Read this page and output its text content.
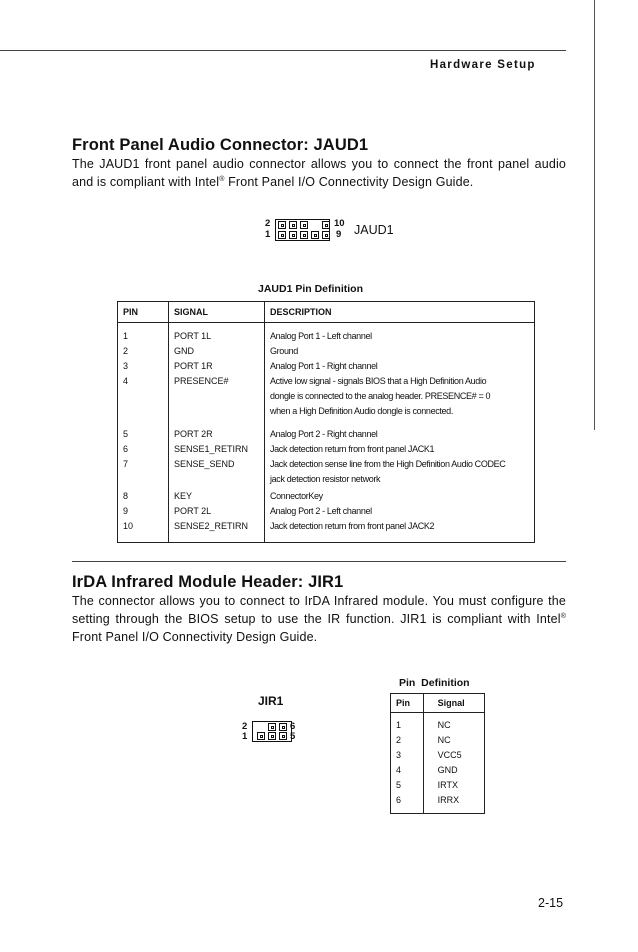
Hardware Setup
Front Panel Audio Connector: JAUD1
The JAUD1 front panel audio connector allows you to connect the front panel audio and is compliant with Intel® Front Panel I/O Connectivity Design Guide.
2
1
10
9 JAUD1
JAUD1 Pin Definition
PIN	SIGNAL	DESCRIPTION
1	PORT 1L	Analog Port 1 - Left channel
2	GND	Ground
3	PORT 1R	Analog Port 1 - Right channel
4	PRESENCE#	Active low signal - signals BIOS that a High Definition Audio
		dongle is connected to the analog header. PRESENCE# = 0
		when a High Definition Audio dongle is connected.

5	PORT 2R	Analog Port 2 - Right channel
6	SENSE1_RETIRN	Jack detection return from front panel JACK1
7	SENSE_SEND	Jack detection sense line from the High Definition Audio CODEC
		jack detection resistor network

8	KEY	ConnectorKey
9	PORT 2L	Analog Port 2 - Left channel
10	SENSE2_RETIRN	Jack detection return from front panel JACK2
IrDA Infrared Module Header: JIR1
The connector allows you to connect to IrDA Infrared module. You must configure the setting through the BIOS setup to use the IR function. JIR1 is compliant with Intel® Front Panel I/O Connectivity Design Guide.
JIR1
2
1
6
5
Pin  Definition
Pin	Signal
1	NC
2	NC
3	VCC5
4	GND
5	IRTX
6	IRRX
2-15
